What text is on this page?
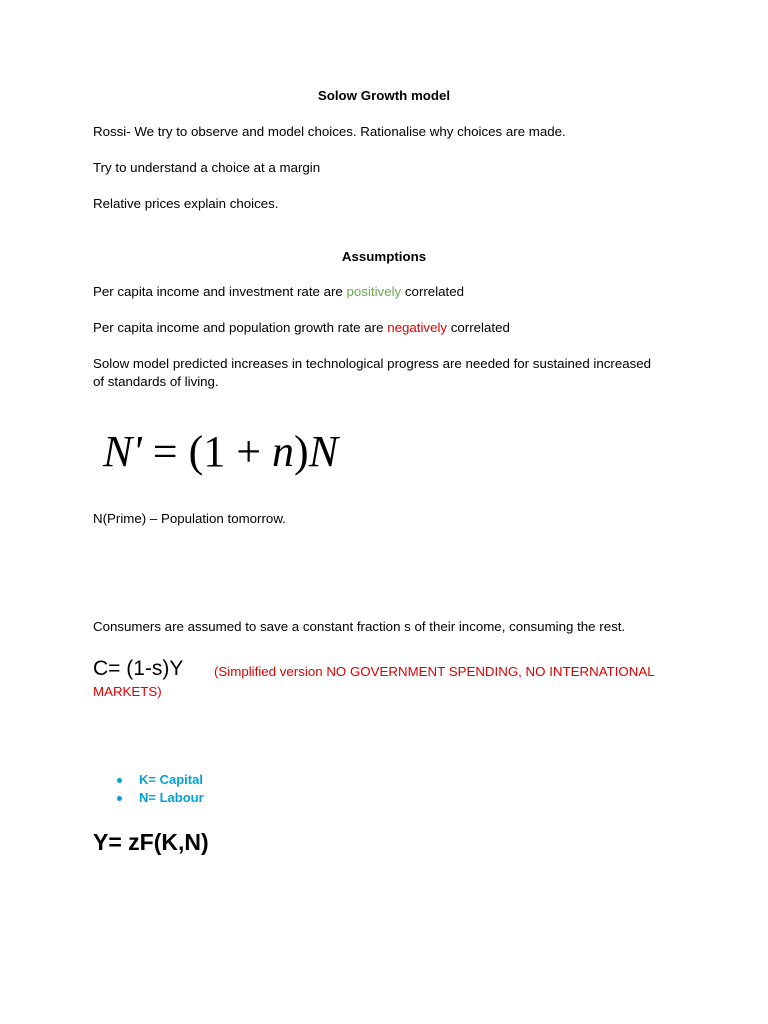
Solow Growth model
Rossi- We try to observe and model choices. Rationalise why choices are made.
Try to understand a choice at a margin
Relative prices explain choices.
Assumptions
Per capita income and investment rate are positively correlated
Per capita income and population growth rate are negatively correlated
Solow model predicted increases in technological progress are needed for sustained increased of standards of living.
N' = (1 + n)N
N(Prime) – Population tomorrow.
Consumers are assumed to save a constant fraction s of their income, consuming the rest.
C= (1-s)Y	(Simplified version NO GOVERNMENT SPENDING, NO INTERNATIONAL MARKETS)
K= Capital
N= Labour
Y= zF(K,N)
